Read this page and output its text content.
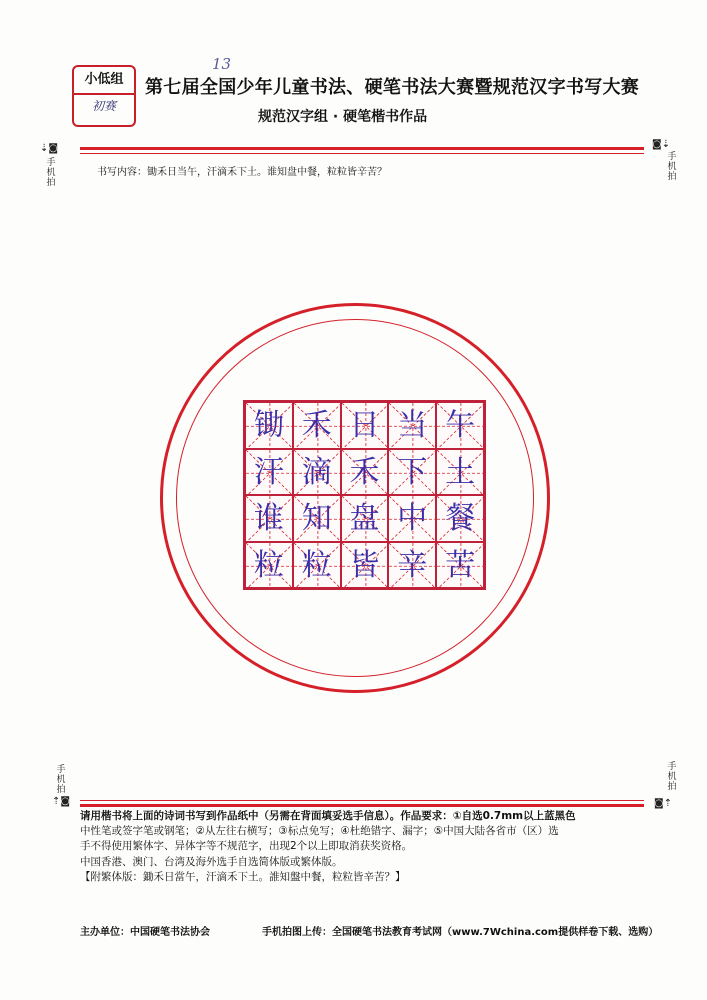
小低组
初赛
13
第七届全国少年儿童书法、硬笔书法大赛暨规范汉字书写大赛
规范汉字组 · 硬笔楷书作品
⇣◙
手机拍
◙⇣
手机拍
书写内容：锄禾日当午，汗滴禾下土。谁知盘中餐，粒粒皆辛苦？
锄 禾 日 当 午
汗 滴 禾 下 土
谁 知 盘 中 餐
粒 粒 皆 辛 苦
手机拍
⇡◙
手机拍
◙⇡

请用楷书将上面的诗词书写到作品纸中（另需在背面填妥选手信息）。作品要求：①自选0.7mm以上蓝黑色

中性笔或签字笔或钢笔；②从左往右横写；③标点免写；④杜绝错字、漏字；⑤中国大陆各省市（区）选

手不得使用繁体字、异体字等不规范字，出现2个以上即取消获奖资格。

中国香港、澳门、台湾及海外选手自选简体版或繁体版。

【附繁体版：鋤禾日當午，汗滴禾下土。誰知盤中餐，粒粒皆辛苦？】

主办单位：中国硬笔书法协会	手机拍图上传：全国硬笔书法教育考试网（www.7Wchina.com提供样卷下载、选购）
